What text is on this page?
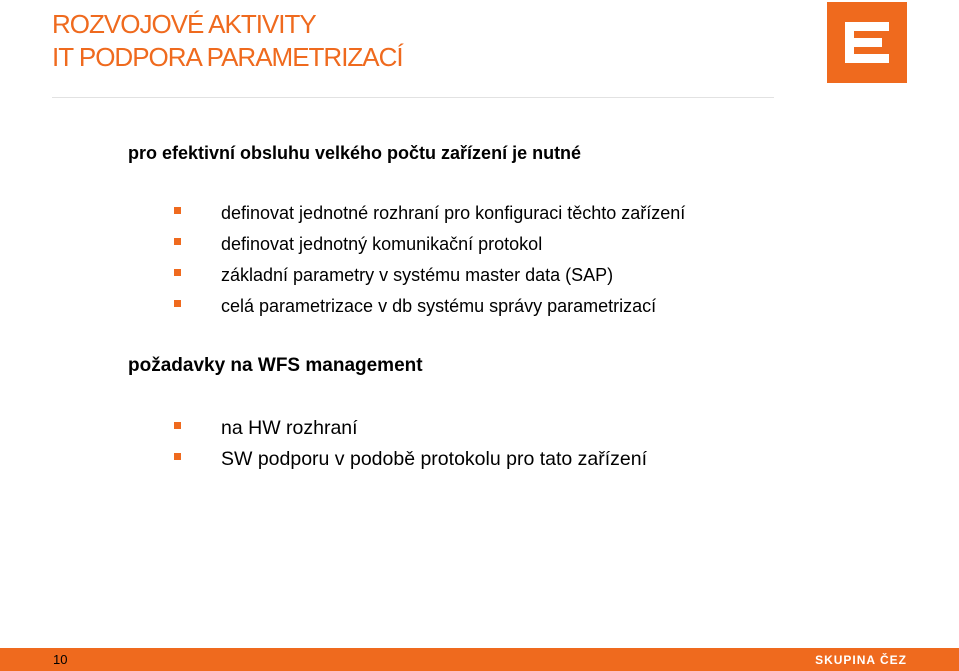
ROZVOJOVÉ AKTIVITY
IT PODPORA PARAMETRIZACÍ
pro efektivní obsluhu velkého počtu zařízení je nutné
definovat jednotné rozhraní pro konfiguraci těchto zařízení
definovat jednotný komunikační protokol
základní parametry v systému master data (SAP)
celá parametrizace v db systému správy parametrizací
požadavky na WFS management
na HW rozhraní
SW podporu v podobě protokolu pro tato zařízení
10	SKUPINA ČEZ
